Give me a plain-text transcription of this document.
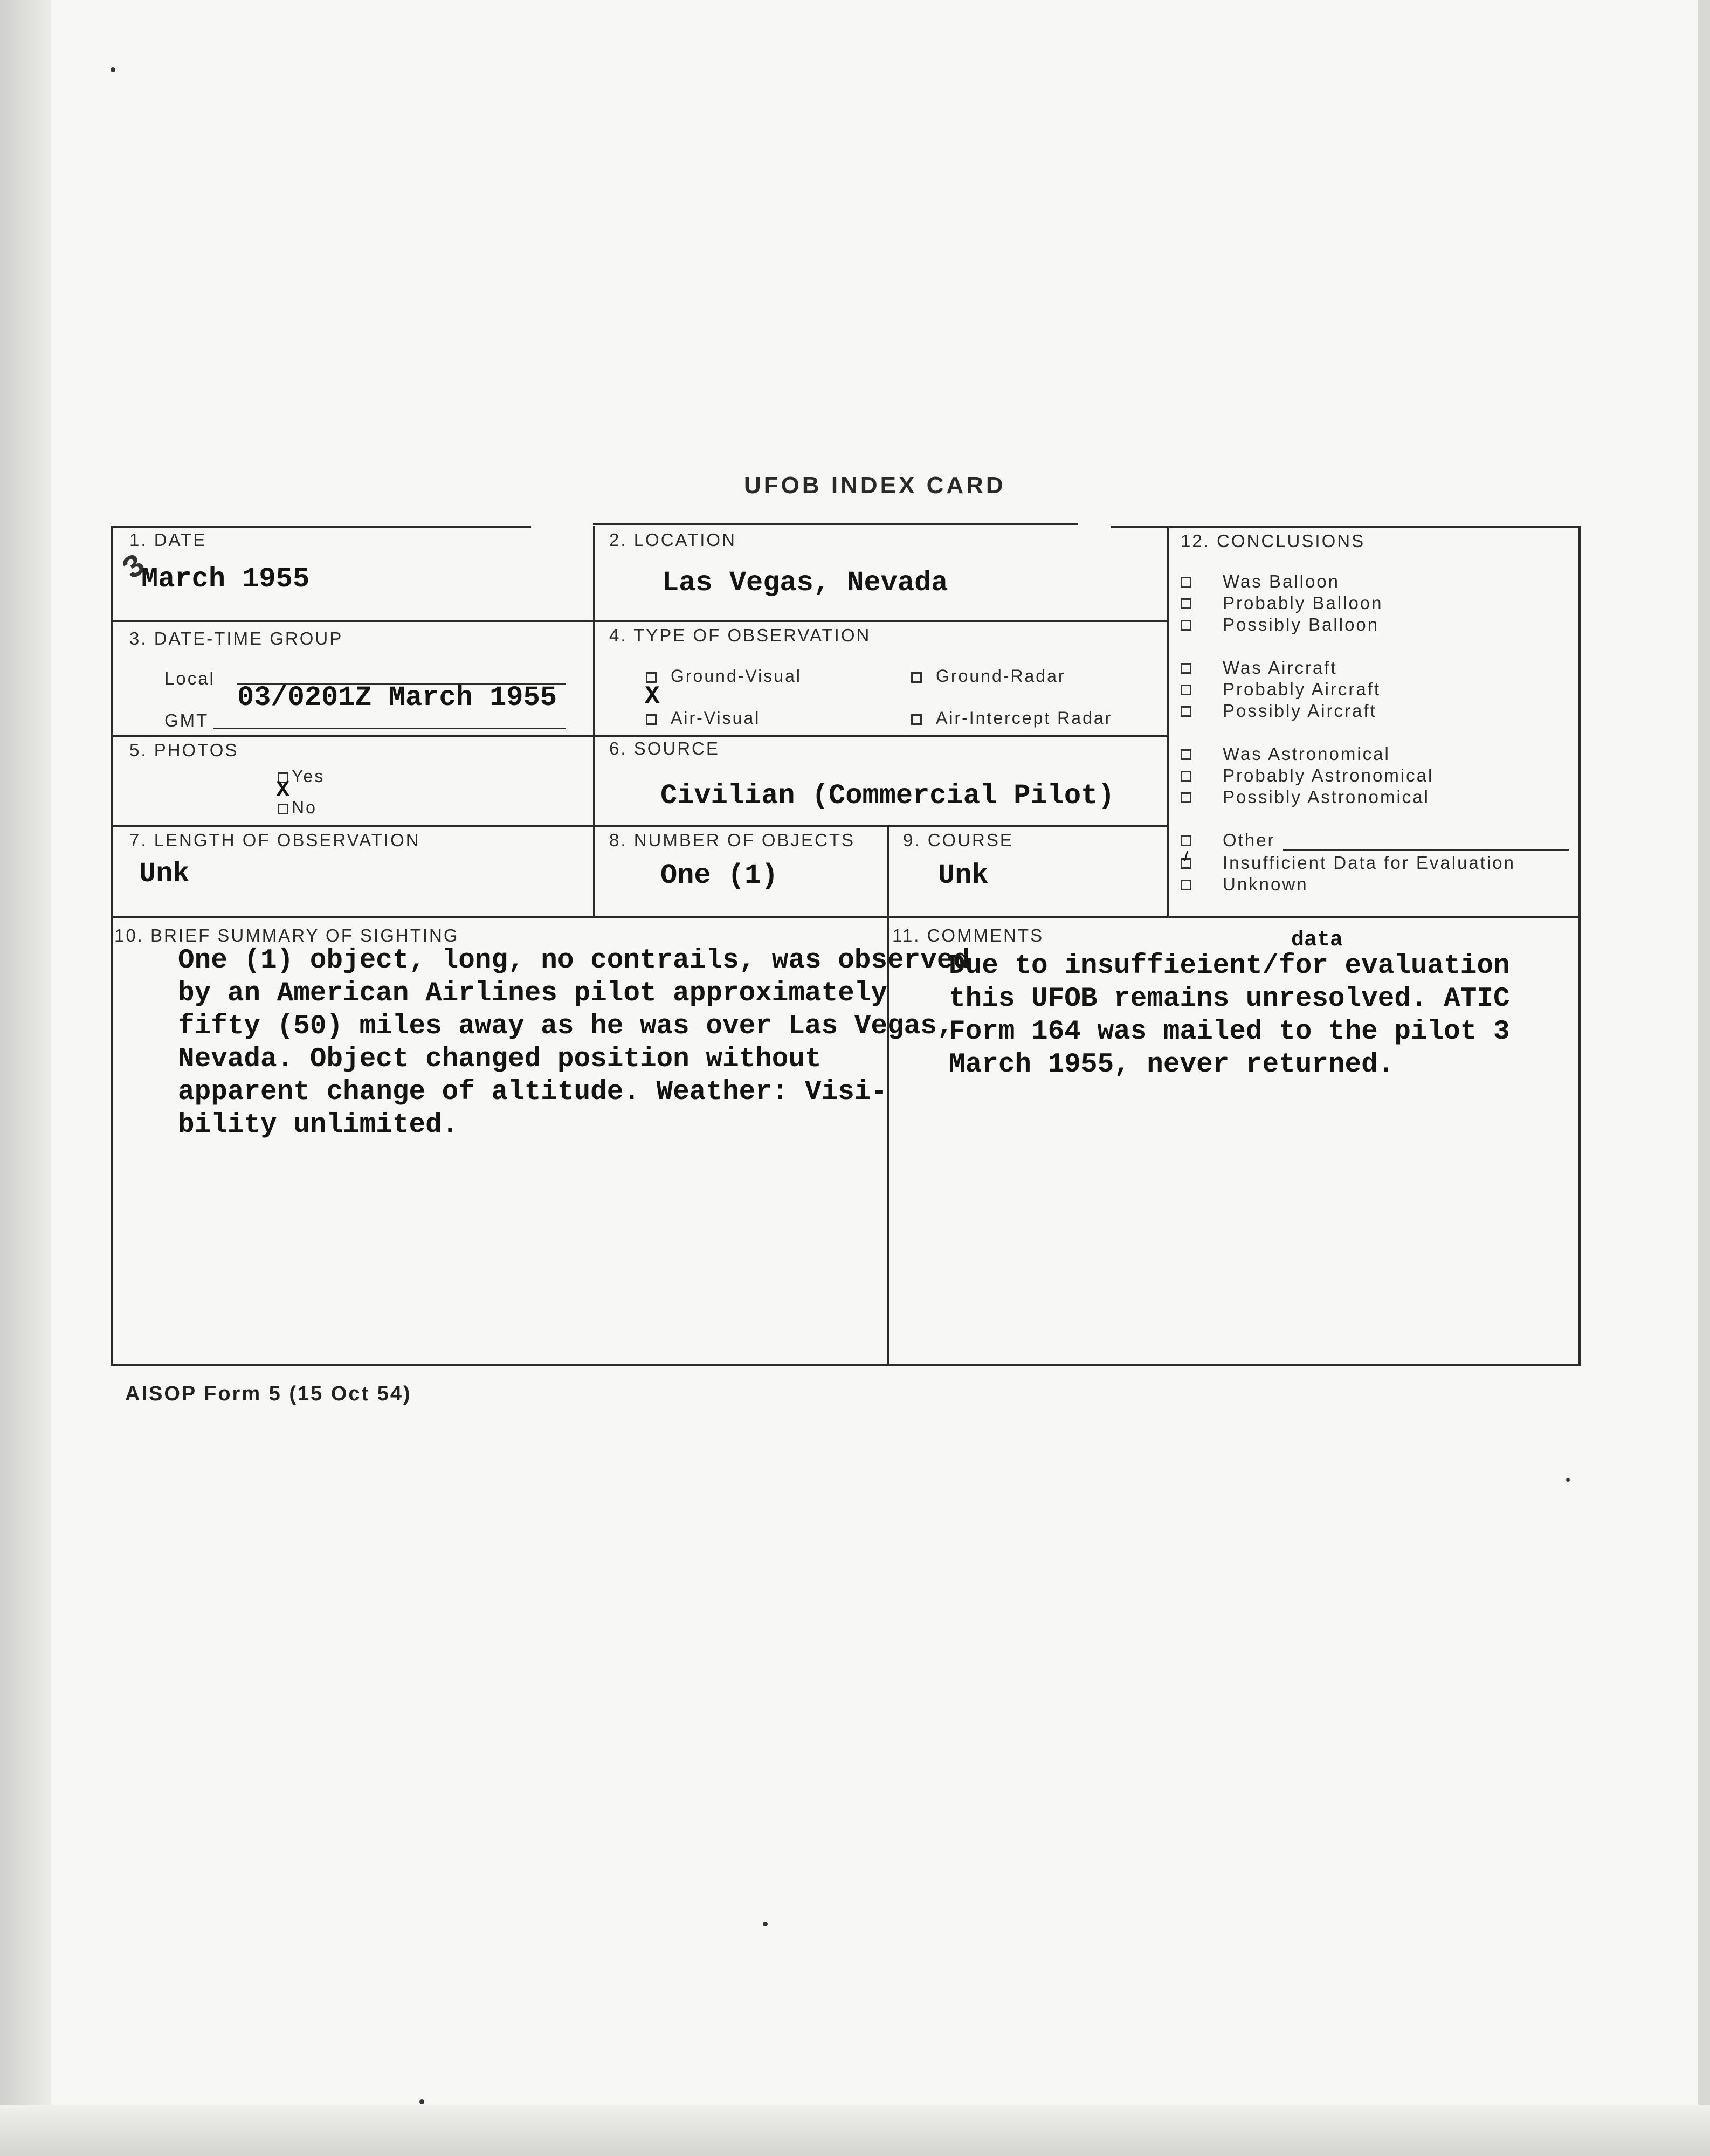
UFOB INDEX CARD
1. DATE
3
March 1955
2. LOCATION
Las Vegas, Nevada
3. DATE-TIME GROUP
Local
GMT
03/0201Z March 1955
4. TYPE OF OBSERVATION
Ground-Visual	Ground-Radar
X
Air-Visual	Air-Intercept Radar
5. PHOTOS
Yes
X
No
6. SOURCE
Civilian (Commercial Pilot)
7. LENGTH OF OBSERVATION
Unk
8. NUMBER OF OBJECTS
One (1)
9. COURSE
Unk
10. BRIEF SUMMARY OF SIGHTING
One (1) object, long, no contrails, was observed
by an American Airlines pilot approximately
fifty (50) miles away as he was over Las Vegas,
Nevada. Object changed position without
apparent change of altitude. Weather: Visi-
bility unlimited.
11. COMMENTS	data
Due to insuffieient/for evaluation
this UFOB remains unresolved. ATIC
Form 164 was mailed to the pilot 3
March 1955, never returned.
12. CONCLUSIONS
Was Balloon
Probably Balloon
Possibly Balloon
Was Aircraft
Probably Aircraft
Possibly Aircraft
Was Astronomical
Probably Astronomical
Possibly Astronomical
Other
Insufficient Data for Evaluation
✓
Unknown
AISOP Form 5 (15 Oct 54)
